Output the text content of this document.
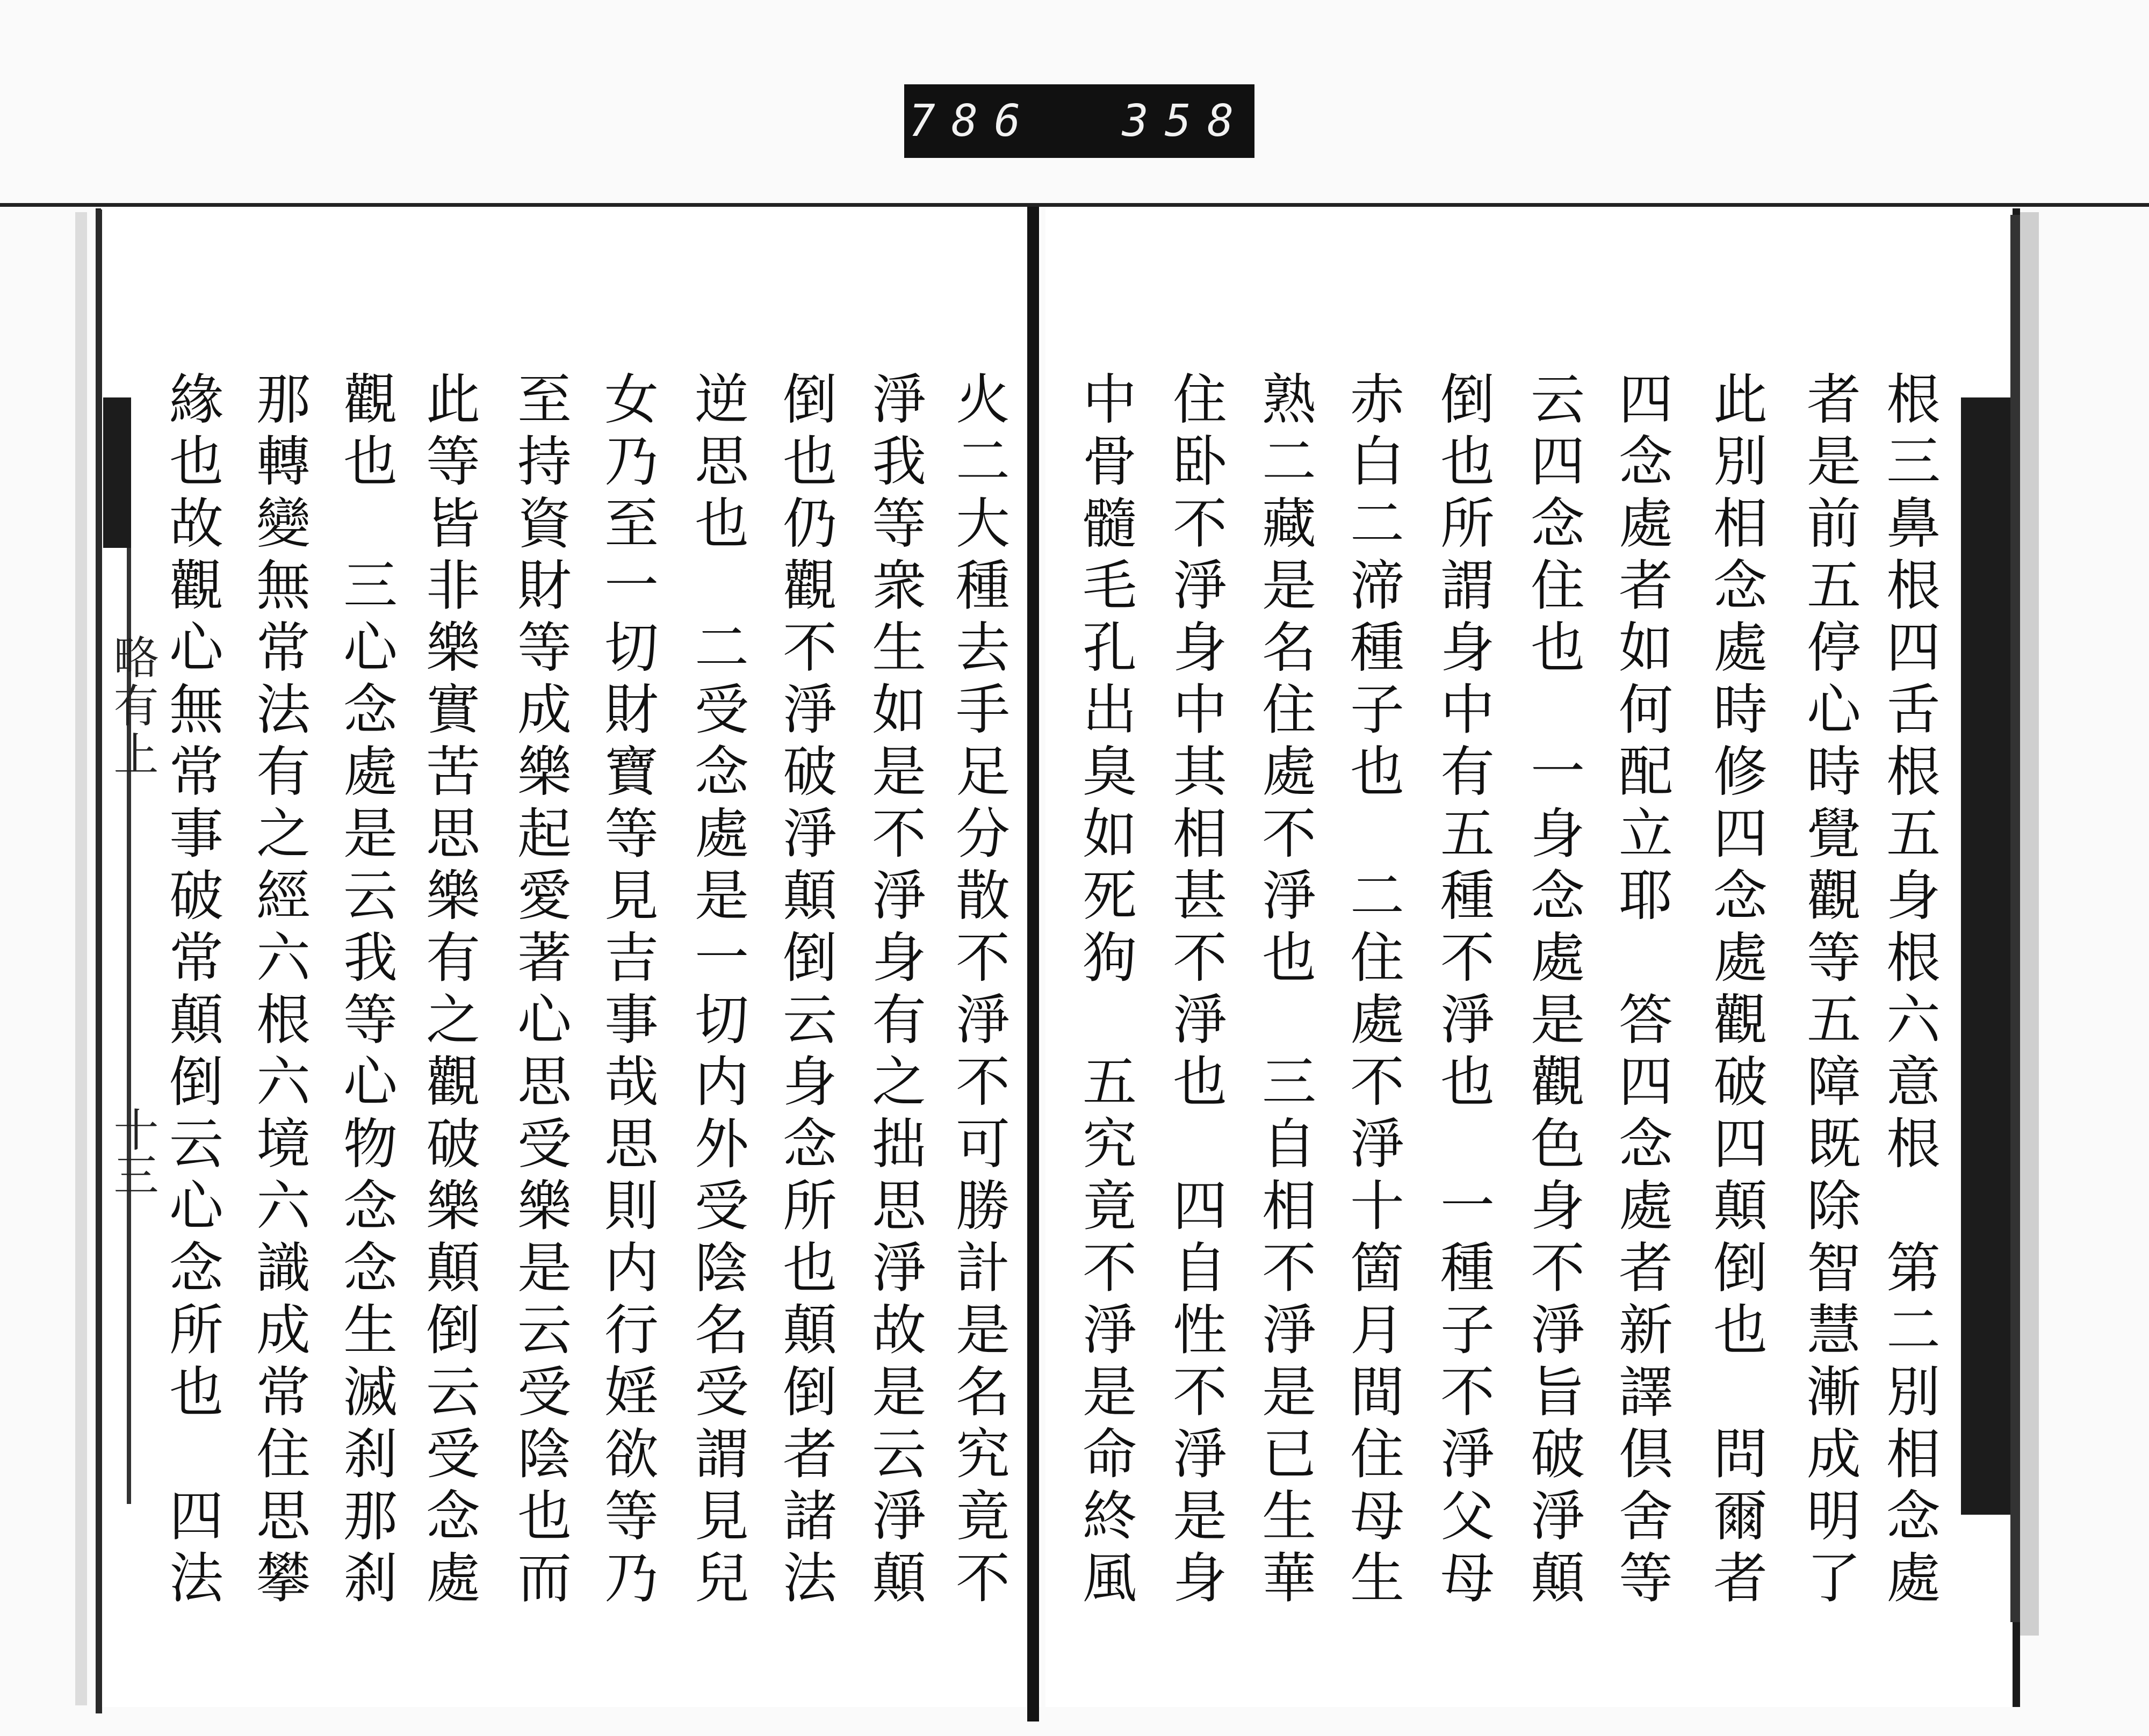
786  358
略有上
十三	根三鼻根四舌根五身根六意根　第二別相念處
者是前五停心時覺觀等五障既除智慧漸成明了
此別相念處時修四念處觀破四顛倒也　問爾者
四念處者如何配立耶　答四念處者新譯倶舍等
云四念住也　一身念處是觀色身不淨旨破淨顛
倒也所謂身中有五種不淨也　一種子不淨父母
赤白二渧種子也　二住處不淨十箇月間住母生
熟二藏是名住處不淨也　三自相不淨是已生華
住卧不淨身中其相甚不淨也　四自性不淨是身
中骨髓毛孔出臭如死狗　五究竟不淨是命終風
火二大種去手足分散不淨不可勝計是名究竟不
淨我等衆生如是不淨身有之拙思淨故是云淨顛
倒也仍觀不淨破淨顛倒云身念所也顛倒者諸法
逆思也　二受念處是一切内外受陰名受謂見兒
女乃至一切財寶等見吉事哉思則内行婬欲等乃
至持資財等成樂起愛著心思受樂是云受陰也而
此等皆非樂實苦思樂有之觀破樂顛倒云受念處
觀也　三心念處是云我等心物念念生滅刹那刹
那轉變無常法有之經六根六境六識成常住思攀
緣也故觀心無常事破常顛倒云心念所也　四法
